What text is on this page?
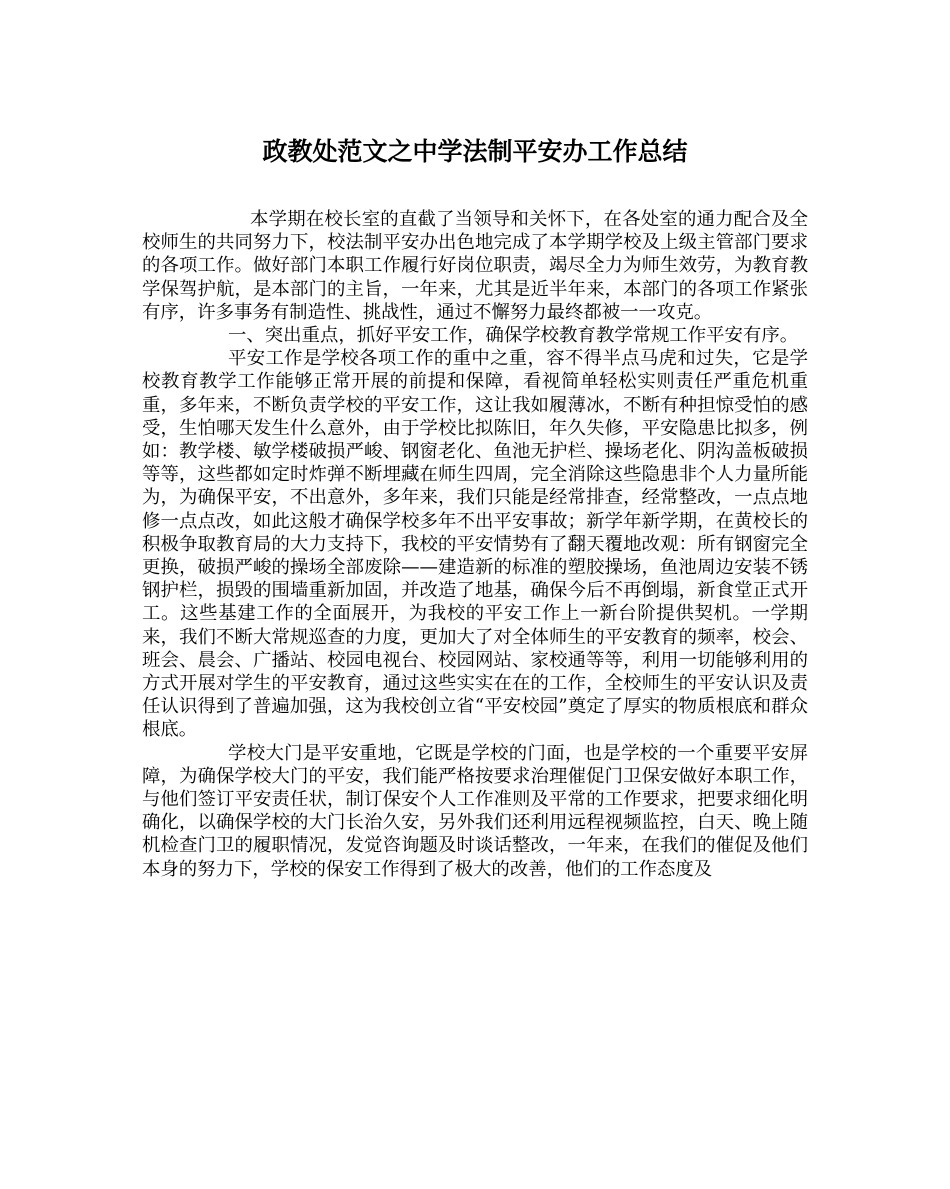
政教处范文之中学法制平安办工作总结

本学期在校长室的直截了当领导和关怀下，在各处室的通力配合及全校师生的共同努力下，校法制平安办出色地完成了本学期学校及上级主管部门要求的各项工作。做好部门本职工作履行好岗位职责，竭尽全力为师生效劳，为教育教学保驾护航，是本部门的主旨，一年来，尤其是近半年来，本部门的各项工作紧张有序，许多事务有制造性、挑战性，通过不懈努力最终都被一一攻克。

一、突出重点，抓好平安工作，确保学校教育教学常规工作平安有序。

平安工作是学校各项工作的重中之重，容不得半点马虎和过失，它是学校教育教学工作能够正常开展的前提和保障，看视简单轻松实则责任严重危机重重，多年来，不断负责学校的平安工作，这让我如履薄冰，不断有种担惊受怕的感受，生怕哪天发生什么意外，由于学校比拟陈旧，年久失修，平安隐患比拟多，例如：教学楼、敏学楼破损严峻、钢窗老化、鱼池无护栏、操场老化、阴沟盖板破损等等，这些都如定时炸弹不断埋藏在师生四周，完全消除这些隐患非个人力量所能为，为确保平安，不出意外，多年来，我们只能是经常排查，经常整改，一点点地修一点点改，如此这般才确保学校多年不出平安事故；新学年新学期，在黄校长的积极争取教育局的大力支持下，我校的平安情势有了翻天覆地改观：所有钢窗完全更换，破损严峻的操场全部废除——建造新的标准的塑胶操场，鱼池周边安装不锈钢护栏，损毁的围墙重新加固，并改造了地基，确保今后不再倒塌，新食堂正式开工。这些基建工作的全面展开，为我校的平安工作上一新台阶提供契机。一学期来，我们不断大常规巡查的力度，更加大了对全体师生的平安教育的频率，校会、班会、晨会、广播站、校园电视台、校园网站、家校通等等，利用一切能够利用的方式开展对学生的平安教育，通过这些实实在在的工作，全校师生的平安认识及责任认识得到了普遍加强，这为我校创立省“平安校园”奠定了厚实的物质根底和群众根底。

学校大门是平安重地，它既是学校的门面，也是学校的一个重要平安屏障，为确保学校大门的平安，我们能严格按要求治理催促门卫保安做好本职工作，与他们签订平安责任状，制订保安个人工作准则及平常的工作要求，把要求细化明确化，以确保学校的大门长治久安，另外我们还利用远程视频监控，白天、晚上随机检查门卫的履职情况，发觉咨询题及时谈话整改，一年来，在我们的催促及他们本身的努力下，学校的保安工作得到了极大的改善，他们的工作态度及
